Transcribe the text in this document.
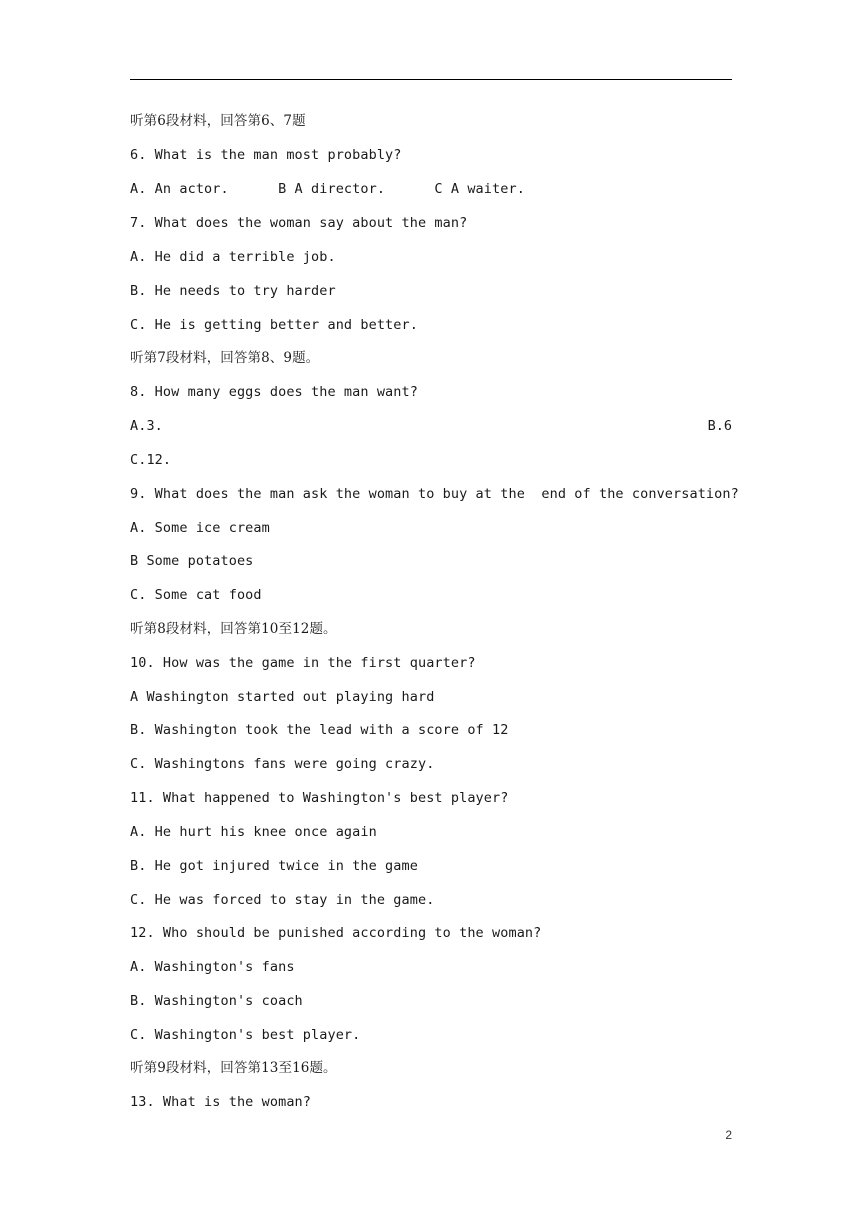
听第6段材料，回答第6、7题
6. What is the man most probably?
A. An actor.      B A director.      C A waiter.
7. What does the woman say about the man?
A. He did a terrible job.
B. He needs to try harder
C. He is getting better and better.
听第7段材料，回答第8、9题。
8. How many eggs does the man want?
A.3.	B.6
C.12.
9. What does the man ask the woman to buy at the  end of the conversation?
A. Some ice cream
B Some potatoes
C. Some cat food
听第8段材料，回答第10至12题。
10. How was the game in the first quarter?
A Washington started out playing hard
B. Washington took the lead with a score of 12
C. Washingtons fans were going crazy.
11. What happened to Washington's best player?
A. He hurt his knee once again
B. He got injured twice in the game
C. He was forced to stay in the game.
12. Who should be punished according to the woman?
A. Washington's fans
B. Washington's coach
C. Washington's best player.
听第9段材料，回答第13至16题。
13. What is the woman?
2
